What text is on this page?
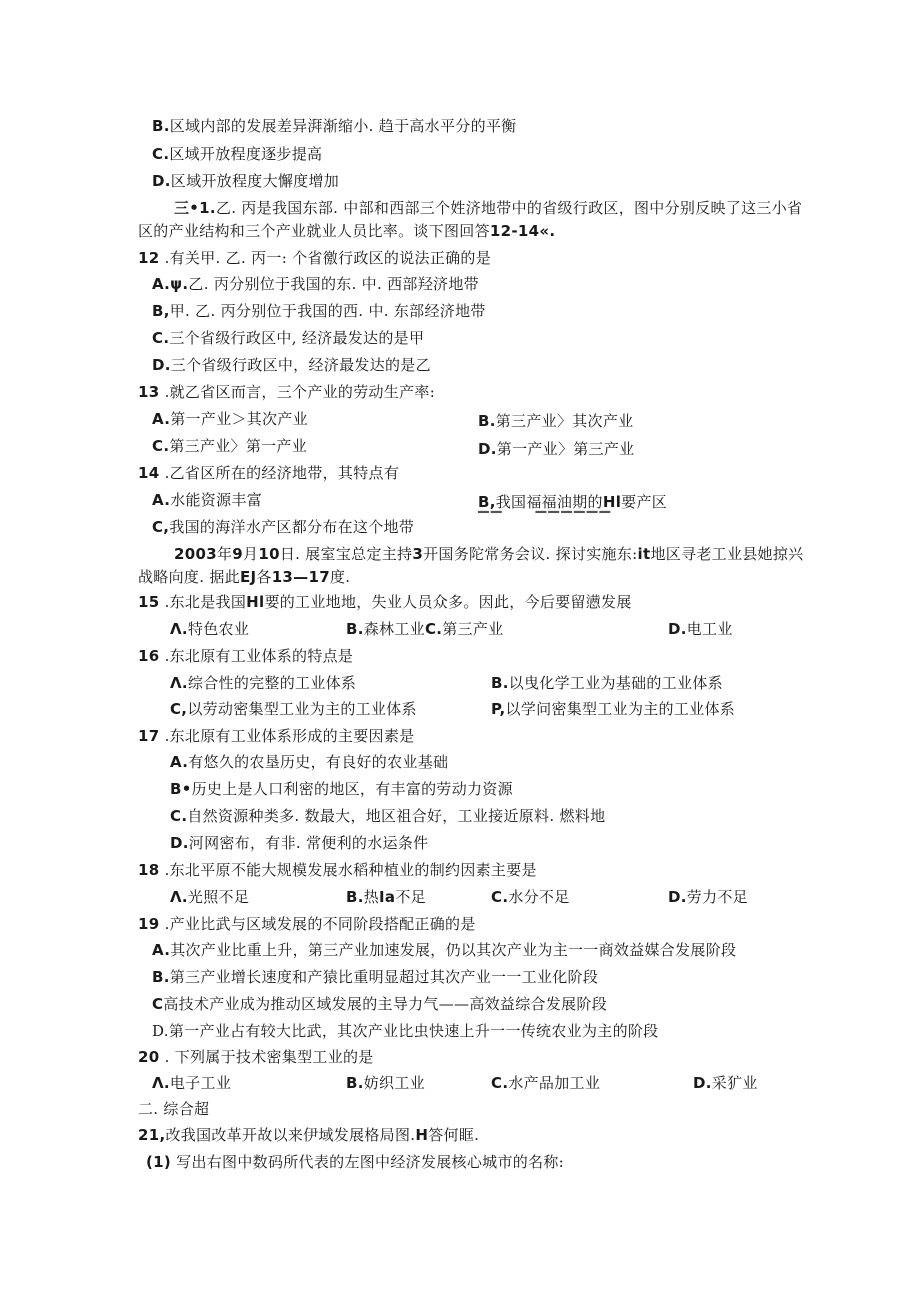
B.区域内部的发展差异湃渐缩小. 趋于高水平分的平衡
C.区域开放程度逐步提高
D.区域开放程度大懈度增加
三•1.乙. 丙是我国东部. 中部和西部三个姓济地带中的省级行政区，图中分别反映了这三小省
区的产业结构和三个产业就业人员比率。谈下图回答12-14«.
12 .有关甲. 乙. 丙一: 个省徼行政区的说法正确的是
A.ψ.乙. 丙分别位于我国的东. 中. 西部羟济地带
B,甲. 乙. 丙分别位于我国的西. 中. 东部经济地带
C.三个省级行政区中, 经济最发达的是甲
D.三个省级行政区中，经济最发达的是乙
13 .就乙省区而言，三个产业的劳动生产率:
A.第一产业＞其次产业	B.第三产业〉其次产业
C.第三产业〉第一产业	D.第一产业〉第三产业
14 .乙省区所在的经济地带，其特点有
A.水能资源丰富	B,我国福福油期的Hl要产区
C,我国的海洋水产区都分布在这个地带	▔▔　　▔▔▔▔▔▔
2003年9月10日. 展室宝总定主持3开国务陀常务会议. 探讨实施东:it地区寻老工业县她掠兴
战略向度. 据此EJ各13—17度.
15 .东北是我国Hl要的工业地地，失业人员众多。因此，今后要留懑发展
Λ.特色农业	B.森林工业C.第三产业	D.电工业
16 .东北原有工业体系的特点是
Λ.综合性的完整的工业体系	B.以曳化学工业为基础的工业体系
C,以劳动密集型工业为主的工业体系	P,以学问密集型工业为主的工业体系
17 .东北原有工业体系形成的主要因素是
A.有悠久的农垦历史，有良好的农业基础
B•历史上是人口利密的地区，有丰富的劳动力资源
C.自然资源种类多. 数最大，地区祖合好，工业接近原料. 燃料地
D.河网密布，有非. 常便利的水运条件
18 .东北平原不能大规模发展水稻种植业的制约因素主要是
Λ.光照不足	B.热Ia不足	C.水分不足	D.劳力不足
19 .产业比武与区域发展的不同阶段搭配正确的是
A.其次产业比重上升，第三产业加速发展，仍以其次产业为主一一商效益媒合发展阶段
B.第三产业增长速度和产猿比重明显超过其次产业一一工业化阶段
C高技术产业成为推动区域发展的主导力气——高效益综合发展阶段
D.第一产业占有较大比武，其次产业比虫快速上升一一传统农业为主的阶段
20 . 下列属于技术密集型工业的是
Λ.电子工业	B.妨织工业	C.水产品加工业	D.采犷业
二. 综合超
21,改我国改革开故以来伊域发展格局图.H答何眶.
(1) 写出右图中数码所代表的左图中经济发展核心城市的名称:
